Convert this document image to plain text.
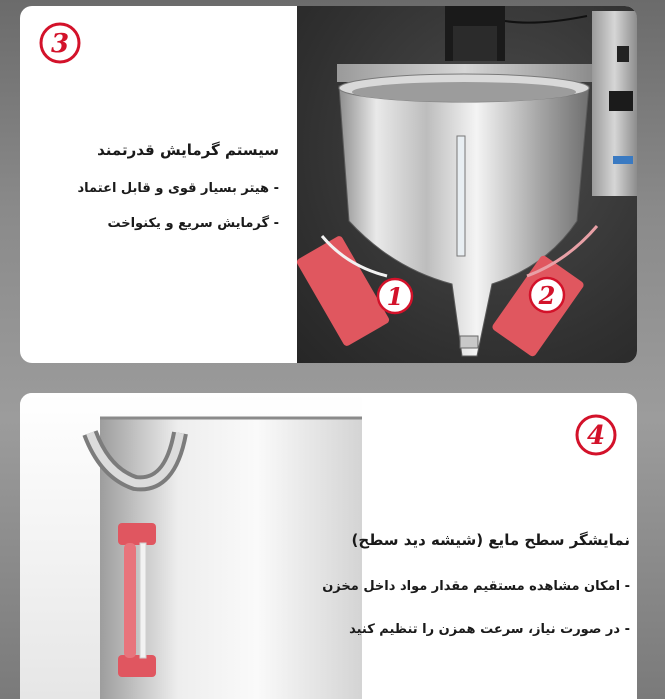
3
1	2
سیستم گرمایش قدرتمند
- هیتر بسیار قوی و قابل اعتماد
- گرمایش سریع و یکنواخت
4
نمایشگر سطح مایع (شیشه دید سطح)
- امکان مشاهده مستقیم مقدار مواد داخل مخزن
- در صورت نیاز، سرعت همزن را تنظیم کنید
